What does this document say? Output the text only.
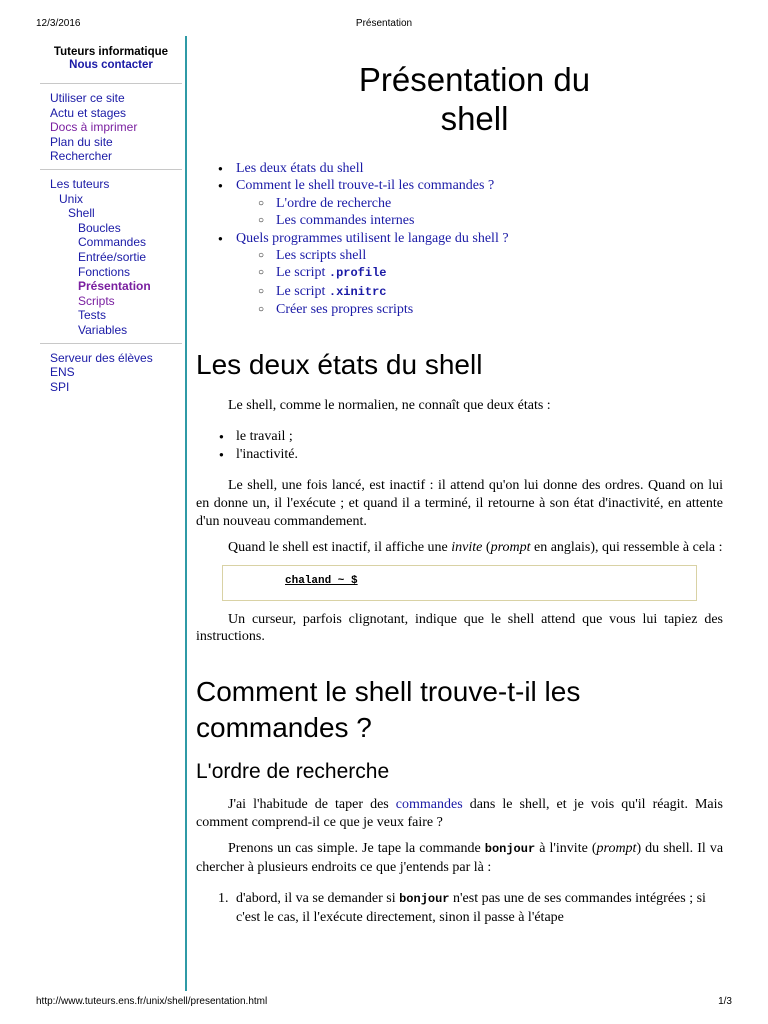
12/3/2016	Présentation
Tuteurs informatique
Nous contacter
Utiliser ce site
Actu et stages
Docs à imprimer
Plan du site
Rechercher
Les tuteurs
Unix
Shell
Boucles
Commandes
Entrée/sortie
Fonctions
Présentation
Scripts
Tests
Variables
Serveur des élèves
ENS
SPI
Présentation du
shell
● Les deux états du shell
● Comment le shell trouve-t-il les commandes ?
○ L'ordre de recherche
○ Les commandes internes
● Quels programmes utilisent le langage du shell ?
○ Les scripts shell
○ Le script .profile
○ Le script .xinitrc
○ Créer ses propres scripts
Les deux états du shell

Le shell, comme le normalien, ne connaît que deux états :

● le travail ;
● l'inactivité.

Le shell, une fois lancé, est inactif : il attend qu'on lui donne des ordres. Quand on lui en donne un, il l'exécute ; et quand il a terminé, il retourne à son état d'inactivité, en attente d'un nouveau commandement.

Quand le shell est inactif, il affiche une invite (prompt en anglais), qui ressemble à cela :

chaland ~ $

Un curseur, parfois clignotant, indique que le shell attend que vous lui tapiez des instructions.

Comment le shell trouve-t-il les commandes ?
L'ordre de recherche

J'ai l'habitude de taper des commandes dans le shell, et je vois qu'il réagit. Mais comment comprend-il ce que je veux faire ?

Prenons un cas simple. Je tape la commande bonjour à l'invite (prompt) du shell. Il va chercher à plusieurs endroits ce que j'entends par là :

1. d'abord, il va se demander si bonjour n'est pas une de ses commandes intégrées ; si c'est le cas, il l'exécute directement, sinon il passe à l'étape
http://www.tuteurs.ens.fr/unix/shell/presentation.html	1/3
